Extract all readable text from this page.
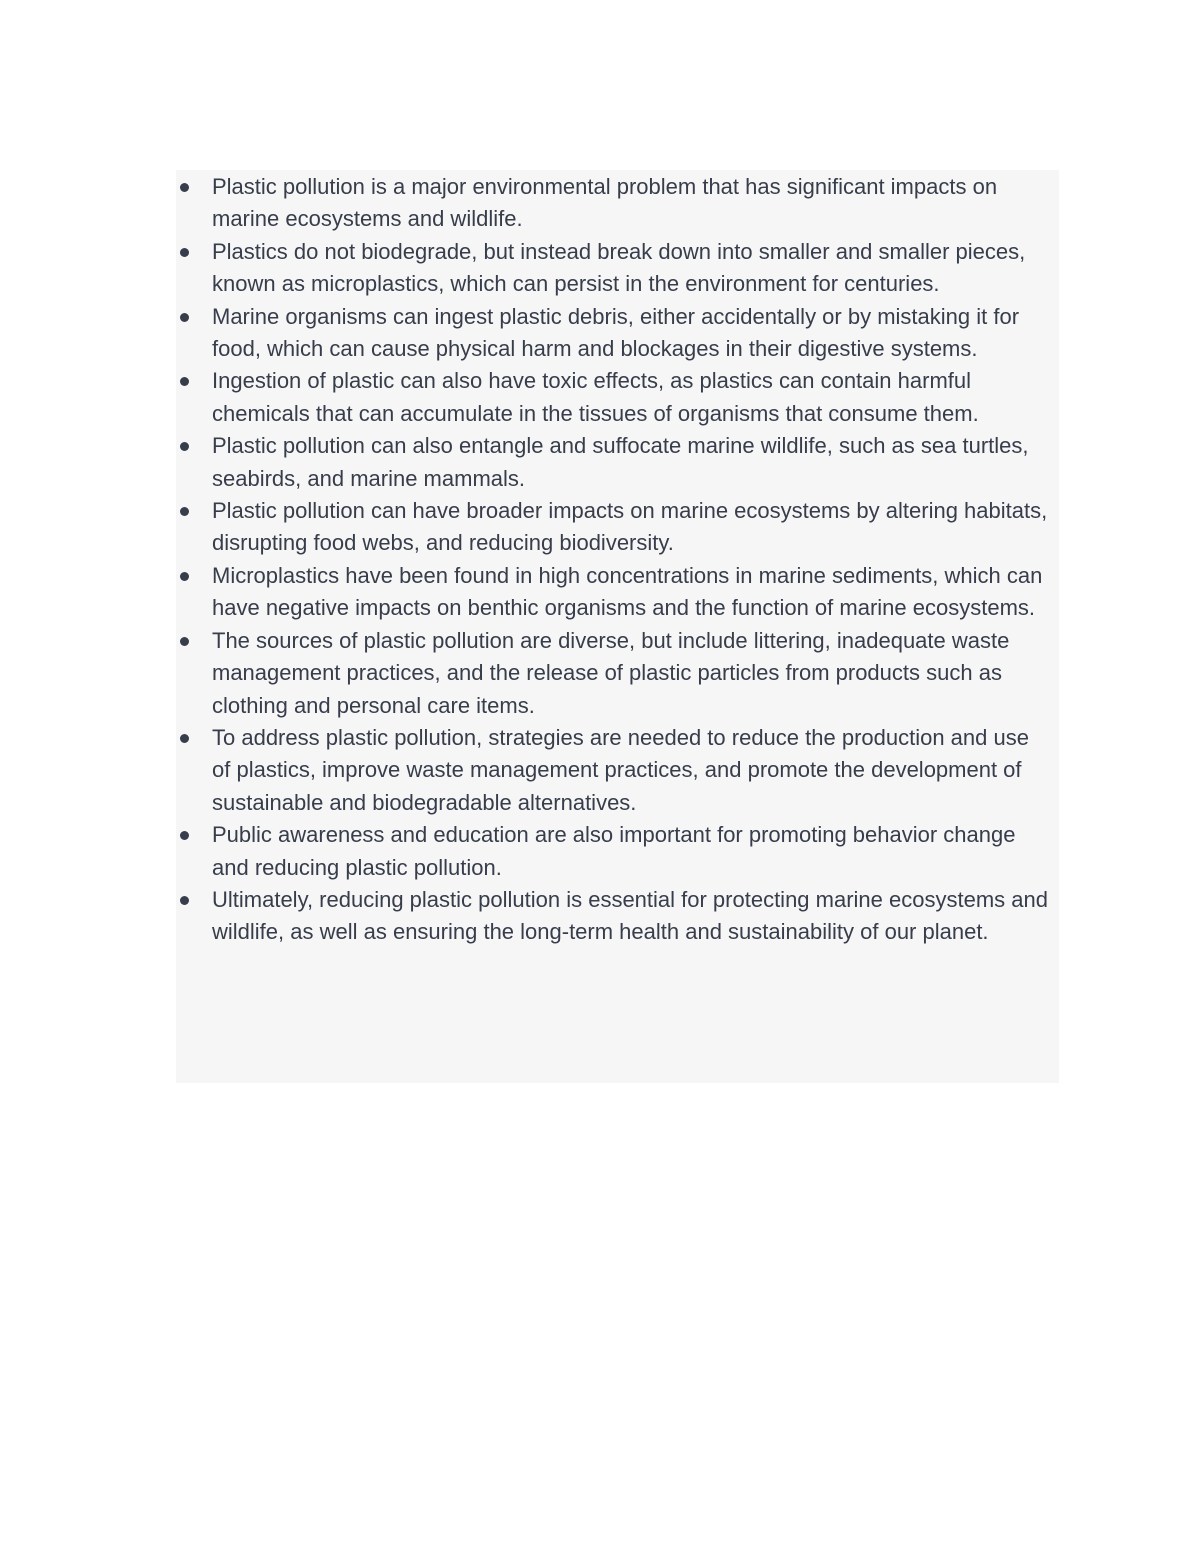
Plastic pollution is a major environmental problem that has significant impacts on marine ecosystems and wildlife.
Plastics do not biodegrade, but instead break down into smaller and smaller pieces, known as microplastics, which can persist in the environment for centuries.
Marine organisms can ingest plastic debris, either accidentally or by mistaking it for food, which can cause physical harm and blockages in their digestive systems.
Ingestion of plastic can also have toxic effects, as plastics can contain harmful chemicals that can accumulate in the tissues of organisms that consume them.
Plastic pollution can also entangle and suffocate marine wildlife, such as sea turtles, seabirds, and marine mammals.
Plastic pollution can have broader impacts on marine ecosystems by altering habitats, disrupting food webs, and reducing biodiversity.
Microplastics have been found in high concentrations in marine sediments, which can have negative impacts on benthic organisms and the function of marine ecosystems.
The sources of plastic pollution are diverse, but include littering, inadequate waste management practices, and the release of plastic particles from products such as clothing and personal care items.
To address plastic pollution, strategies are needed to reduce the production and use of plastics, improve waste management practices, and promote the development of sustainable and biodegradable alternatives.
Public awareness and education are also important for promoting behavior change and reducing plastic pollution.
Ultimately, reducing plastic pollution is essential for protecting marine ecosystems and wildlife, as well as ensuring the long-term health and sustainability of our planet.
